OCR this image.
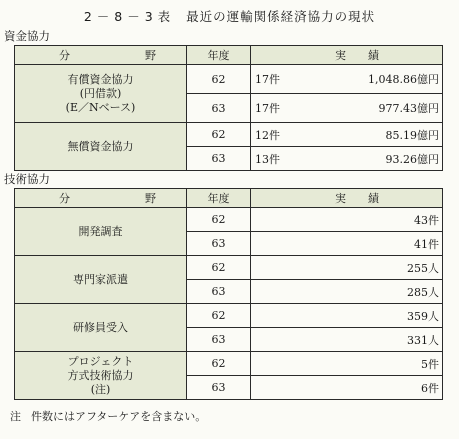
2－8－3表 最近の運輸関係経済協力の現状
資金協力
分　　野	年度	実　　績	

有償資金協力
(円借款)
(E／Nベース)	62	17件	1,048.86億円
	63	17件	977.43億円

無償資金協力	62	12件	85.19億円
	63	13件	93.26億円
技術協力
分　　野	年度	実　　績

開発調査	62	43件
	63	41件

専門家派遣	62	255人
	63	285人

研修員受入	62	359人
	63	331人

プロジェクト
方式技術協力
(注)	62	5件
	63	6件
注 件数にはアフターケアを含まない。
